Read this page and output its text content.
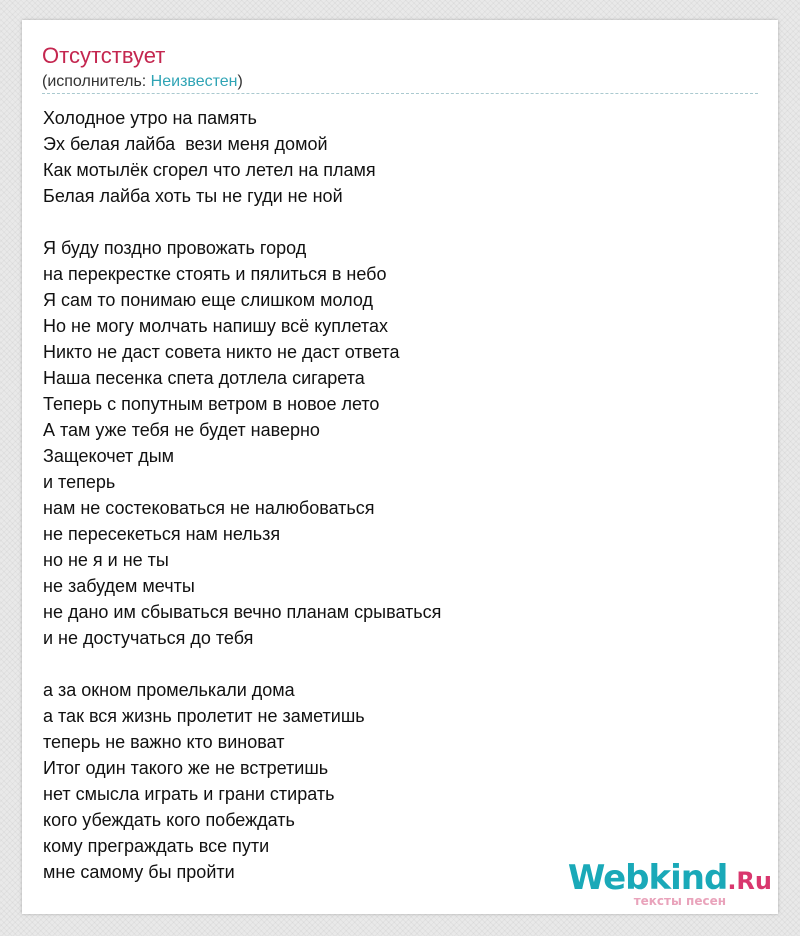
Отсутствует
(исполнитель: Неизвестен)
Холодное утро на память
Эх белая лайба  вези меня домой
Как мотылёк сгорел что летел на пламя
Белая лайба хоть ты не гуди не ной
Я буду поздно провожать город
на перекрестке стоять и пялиться в небо
Я сам то понимаю еще слишком молод
Но не могу молчать напишу всё куплетах
Никто не даст совета никто не даст ответа
Наша песенка спета дотлела сигарета
Теперь с попутным ветром в новое лето
А там уже тебя не будет наверно
Защекочет дым
и теперь
нам не состековаться не налюбоваться
не пересекеться нам нельзя
но не я и не ты
не забудем мечты
не дано им сбываться вечно планам срываться
и не достучаться до тебя
а за окном промелькали дома
а так вся жизнь пролетит не заметишь
теперь не важно кто виноват
Итог один такого же не встретишь
нет смысла играть и грани стирать
кого убеждать кого побеждать
кому преграждать все пути
мне самому бы пройти	Webkind.Ru
тексты песен
